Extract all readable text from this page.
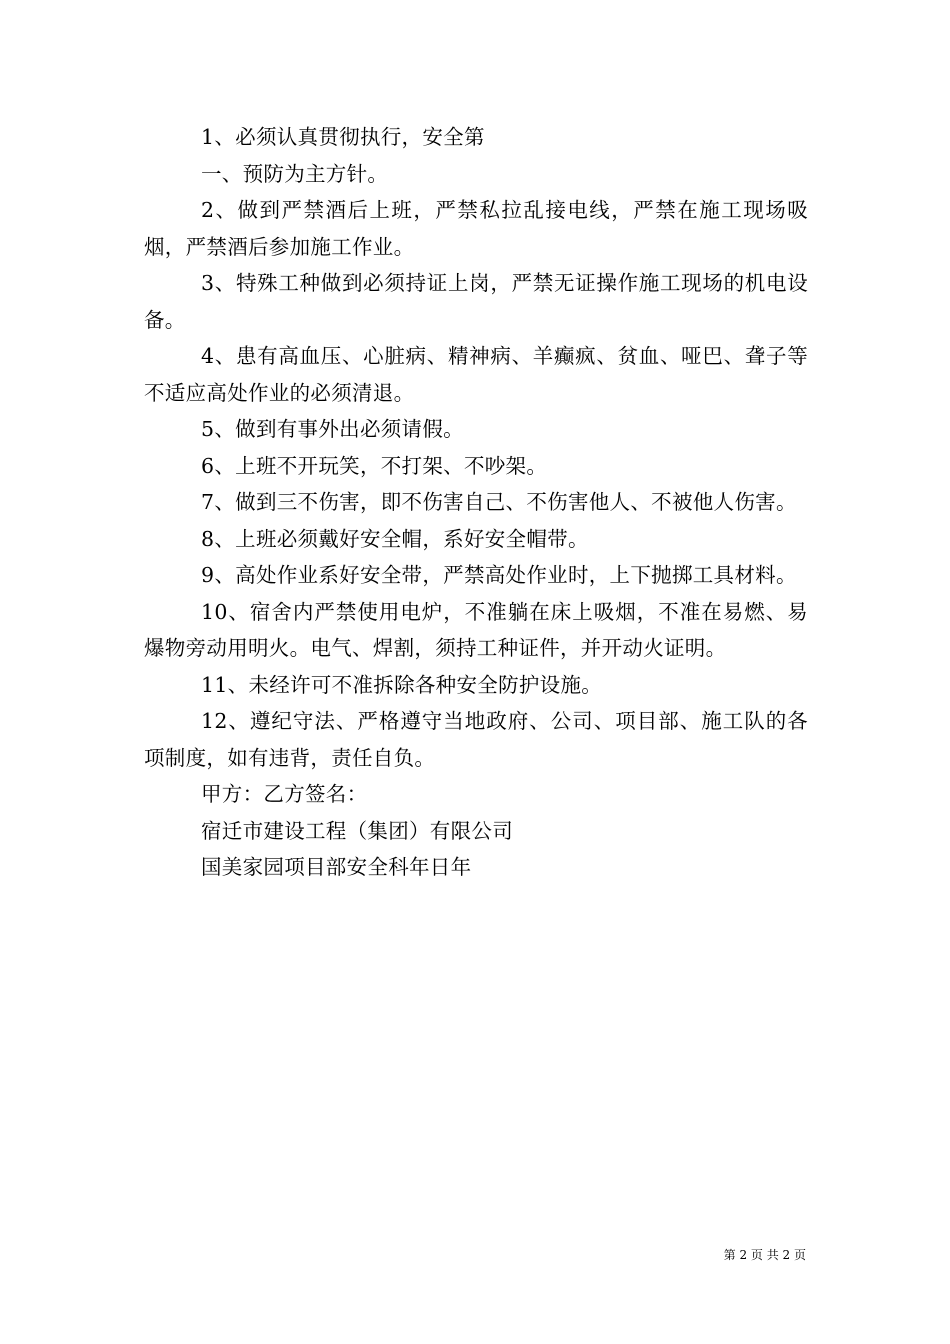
1、必须认真贯彻执行，安全第

一、预防为主方针。

2、做到严禁酒后上班，严禁私拉乱接电线，严禁在施工现场吸烟，严禁酒后参加施工作业。

3、特殊工种做到必须持证上岗，严禁无证操作施工现场的机电设备。

4、患有高血压、心脏病、精神病、羊癫疯、贫血、哑巴、聋子等不适应高处作业的必须清退。

5、做到有事外出必须请假。

6、上班不开玩笑，不打架、不吵架。

7、做到三不伤害，即不伤害自己、不伤害他人、不被他人伤害。

8、上班必须戴好安全帽，系好安全帽带。

9、高处作业系好安全带，严禁高处作业时，上下抛掷工具材料。

10、宿舍内严禁使用电炉，不准躺在床上吸烟，不准在易燃、易爆物旁动用明火。电气、焊割，须持工种证件，并开动火证明。

11、未经许可不准拆除各种安全防护设施。

12、遵纪守法、严格遵守当地政府、公司、项目部、施工队的各项制度，如有违背，责任自负。

甲方：乙方签名：

宿迁市建设工程（集团）有限公司

国美家园项目部安全科年日年

第 2 页 共 2 页
